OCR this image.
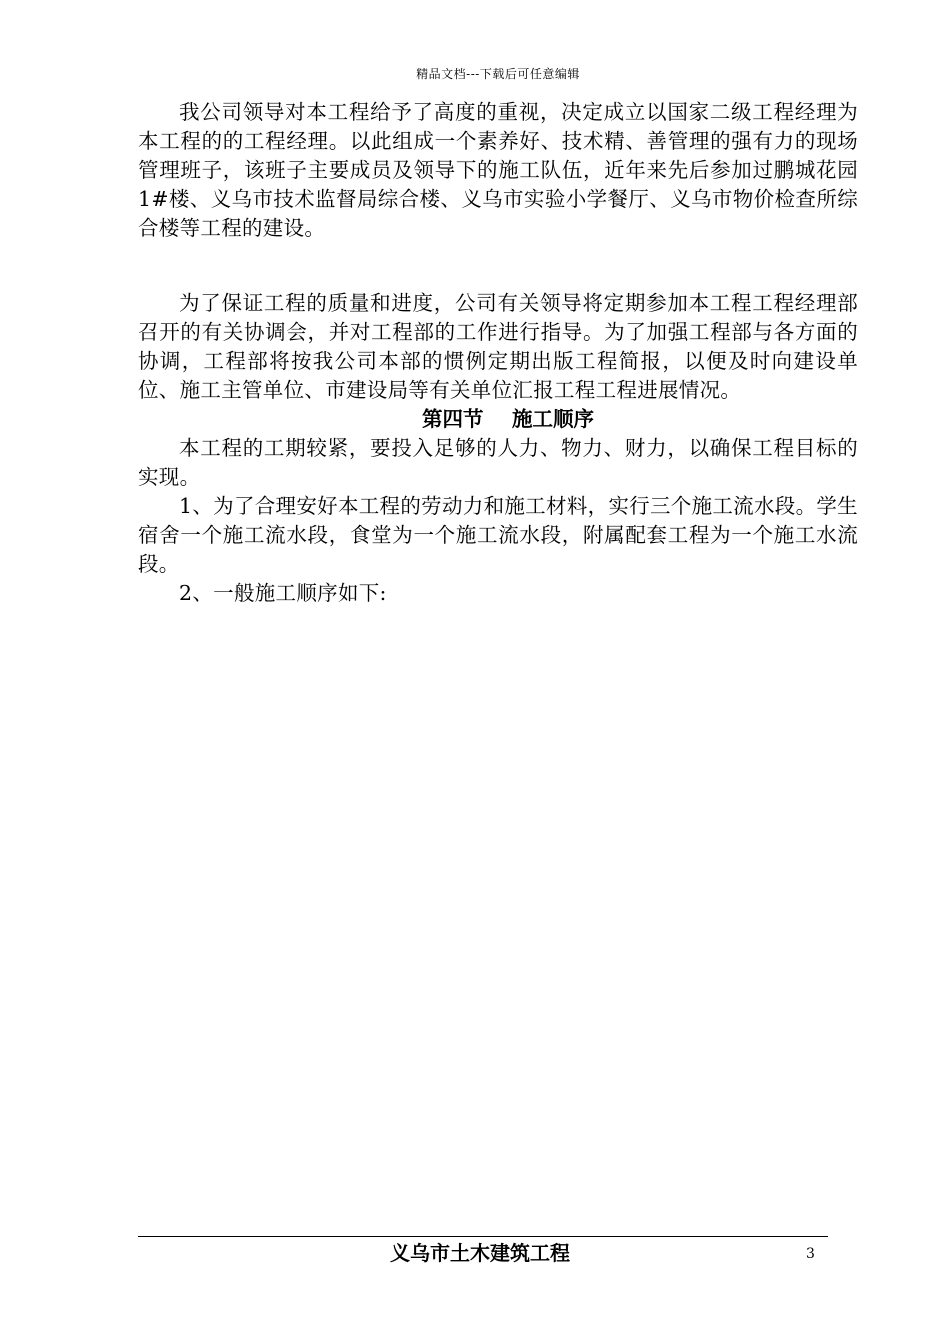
精品文档---下载后可任意编辑

我公司领导对本工程给予了高度的重视，决定成立以国家二级工程经理为本工程的的工程经理。以此组成一个素养好、技术精、善管理的强有力的现场管理班子，该班子主要成员及领导下的施工队伍，近年来先后参加过鹏城花园1#楼、义乌市技术监督局综合楼、义乌市实验小学餐厅、义乌市物价检查所综合楼等工程的建设。

为了保证工程的质量和进度，公司有关领导将定期参加本工程工程经理部召开的有关协调会，并对工程部的工作进行指导。为了加强工程部与各方面的协调，工程部将按我公司本部的惯例定期出版工程简报，以便及时向建设单位、施工主管单位、市建设局等有关单位汇报工程工程进展情况。

第四节    施工顺序

本工程的工期较紧，要投入足够的人力、物力、财力，以确保工程目标的实现。

1、为了合理安好本工程的劳动力和施工材料，实行三个施工流水段。学生宿舍一个施工流水段，食堂为一个施工流水段，附属配套工程为一个施工水流段。

2、一般施工顺序如下:

义乌市土木建筑工程	3
